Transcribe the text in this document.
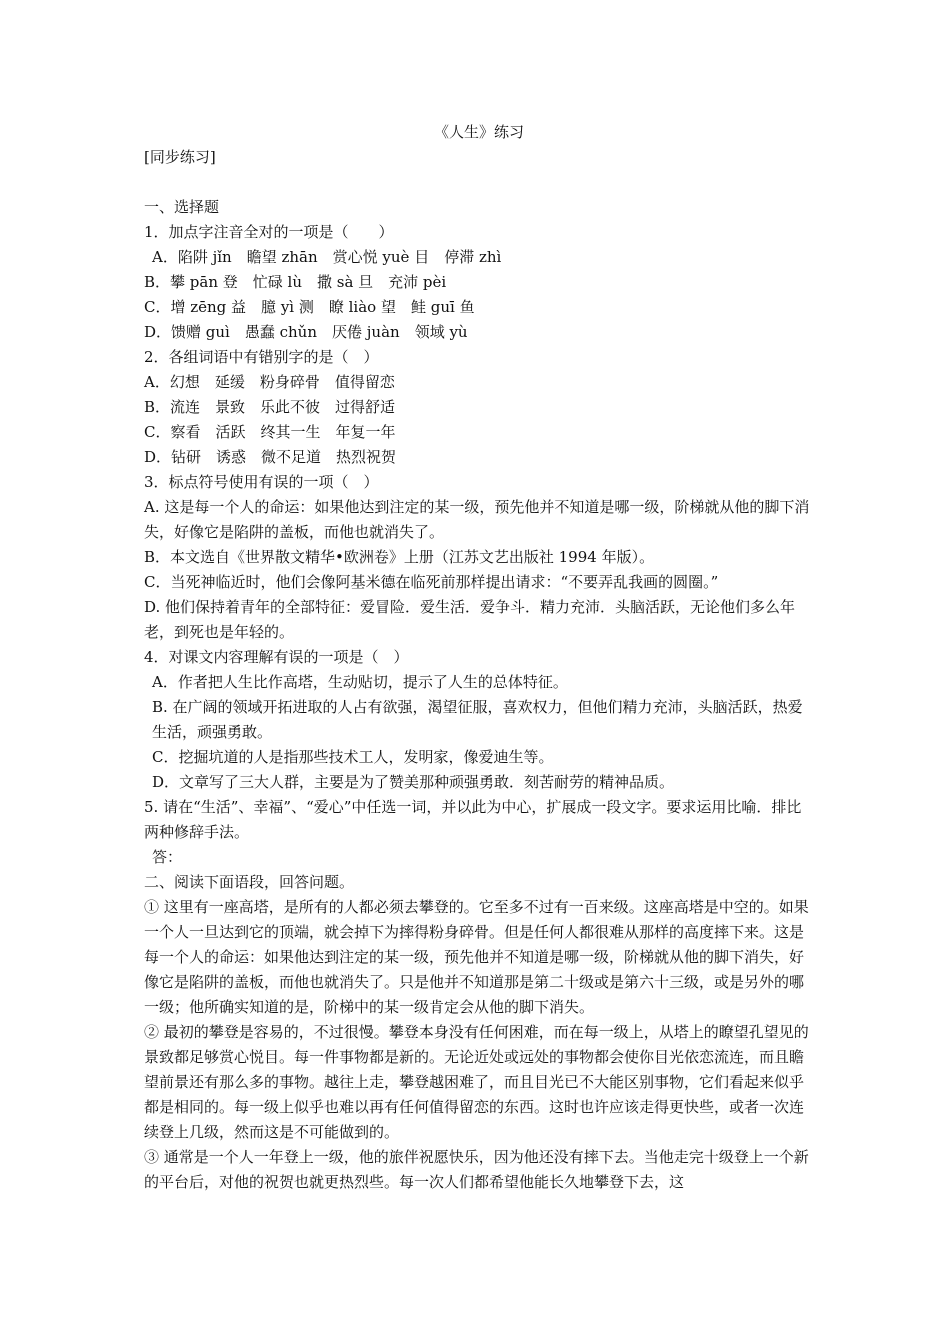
《人生》练习

[同步练习]

一、选择题

1．加点字注音全对的一项是（　　）

A．陷阱 jǐn　瞻望 zhān　赏心悦 yuè 目　停滞 zhì

B．攀 pān 登　忙碌 lù　撒 sà 旦　充沛 pèi

C．增 zēng 益　臆 yì 测　瞭 liào 望　鲑 guī 鱼

D．馈赠 guì　愚蠢 chǔn　厌倦 juàn　领域 yù

2．各组词语中有错别字的是（　）

A．幻想　延缓　粉身碎骨　值得留恋

B．流连　景致　乐此不彼　过得舒适

C．察看　活跃　终其一生　年复一年

D．钻研　诱惑　微不足道　热烈祝贺

3．标点符号使用有误的一项（　）

A. 这是每一个人的命运：如果他达到注定的某一级，预先他并不知道是哪一级，阶梯就从他的脚下消失，好像它是陷阱的盖板，而他也就消失了。

B．本文选自《世界散文精华•欧洲卷》上册（江苏文艺出版社 1994 年版）。

C．当死神临近时，他们会像阿基米德在临死前那样提出请求：“不要弄乱我画的圆圈。”

D. 他们保持着青年的全部特征：爱冒险．爱生活．爱争斗．精力充沛．头脑活跃，无论他们多么年老，到死也是年轻的。

4．对课文内容理解有误的一项是（　）

A．作者把人生比作高塔，生动贴切，提示了人生的总体特征。

B. 在广阔的领域开拓进取的人占有欲强，渴望征服，喜欢权力，但他们精力充沛，头脑活跃，热爱生活，顽强勇敢。

C．挖掘坑道的人是指那些技术工人，发明家，像爱迪生等。

D．文章写了三大人群，主要是为了赞美那种顽强勇敢．刻苦耐劳的精神品质。

5. 请在“生活”、幸福”、“爱心”中任选一词，并以此为中心，扩展成一段文字。要求运用比喻．排比两种修辞手法。

答：

二、阅读下面语段，回答问题。

① 这里有一座高塔，是所有的人都必须去攀登的。它至多不过有一百来级。这座高塔是中空的。如果一个人一旦达到它的顶端，就会掉下为摔得粉身碎骨。但是任何人都很难从那样的高度摔下来。这是每一个人的命运：如果他达到注定的某一级，预先他并不知道是哪一级，阶梯就从他的脚下消失，好像它是陷阱的盖板，而他也就消失了。只是他并不知道那是第二十级或是第六十三级，或是另外的哪一级；他所确实知道的是，阶梯中的某一级肯定会从他的脚下消失。

② 最初的攀登是容易的，不过很慢。攀登本身没有任何困难，而在每一级上，从塔上的瞭望孔望见的景致都足够赏心悦目。每一件事物都是新的。无论近处或远处的事物都会使你目光依恋流连，而且瞻望前景还有那么多的事物。越往上走，攀登越困难了，而且目光已不大能区别事物，它们看起来似乎都是相同的。每一级上似乎也难以再有任何值得留恋的东西。这时也许应该走得更快些，或者一次连续登上几级，然而这是不可能做到的。

③ 通常是一个人一年登上一级，他的旅伴祝愿快乐，因为他还没有摔下去。当他走完十级登上一个新的平台后，对他的祝贺也就更热烈些。每一次人们都希望他能长久地攀登下去，这
